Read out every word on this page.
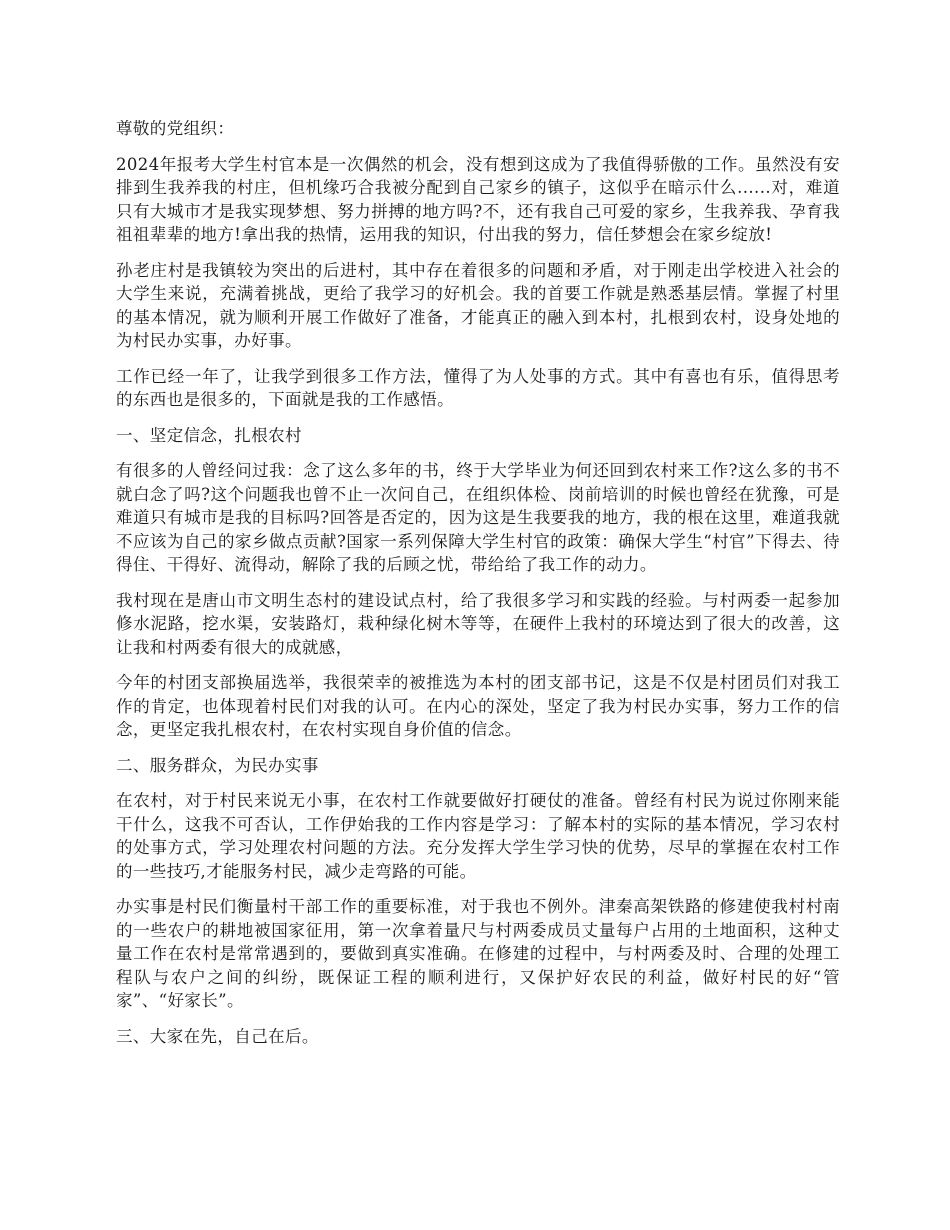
尊敬的党组织：

2024年报考大学生村官本是一次偶然的机会，没有想到这成为了我值得骄傲的工作。虽然没有安排到生我养我的村庄，但机缘巧合我被分配到自己家乡的镇子，这似乎在暗示什么......对，难道只有大城市才是我实现梦想、努力拼搏的地方吗?不，还有我自己可爱的家乡，生我养我、孕育我祖祖辈辈的地方!拿出我的热情，运用我的知识，付出我的努力，信任梦想会在家乡绽放!

孙老庄村是我镇较为突出的后进村，其中存在着很多的问题和矛盾，对于刚走出学校进入社会的大学生来说，充满着挑战，更给了我学习的好机会。我的首要工作就是熟悉基层情。掌握了村里的基本情况，就为顺利开展工作做好了准备，才能真正的融入到本村，扎根到农村，设身处地的为村民办实事，办好事。

工作已经一年了，让我学到很多工作方法，懂得了为人处事的方式。其中有喜也有乐，值得思考的东西也是很多的，下面就是我的工作感悟。

一、坚定信念，扎根农村

有很多的人曾经问过我：念了这么多年的书，终于大学毕业为何还回到农村来工作?这么多的书不就白念了吗?这个问题我也曾不止一次问自己，在组织体检、岗前培训的时候也曾经在犹豫，可是难道只有城市是我的目标吗?回答是否定的，因为这是生我要我的地方，我的根在这里，难道我就不应该为自己的家乡做点贡献?国家一系列保障大学生村官的政策：确保大学生“村官”下得去、待得住、干得好、流得动，解除了我的后顾之忧，带给给了我工作的动力。

我村现在是唐山市文明生态村的建设试点村，给了我很多学习和实践的经验。与村两委一起参加修水泥路，挖水渠，安装路灯，栽种绿化树木等等，在硬件上我村的环境达到了很大的改善，这让我和村两委有很大的成就感，

今年的村团支部换届选举，我很荣幸的被推选为本村的团支部书记，这是不仅是村团员们对我工作的肯定，也体现着村民们对我的认可。在内心的深处，坚定了我为村民办实事，努力工作的信念，更坚定我扎根农村，在农村实现自身价值的信念。

二、服务群众，为民办实事

在农村，对于村民来说无小事，在农村工作就要做好打硬仗的准备。曾经有村民为说过你刚来能干什么，这我不可否认，工作伊始我的工作内容是学习：了解本村的实际的基本情况，学习农村的处事方式，学习处理农村问题的方法。充分发挥大学生学习快的优势，尽早的掌握在农村工作的一些技巧,才能服务村民，减少走弯路的可能。

办实事是村民们衡量村干部工作的重要标准，对于我也不例外。津秦高架铁路的修建使我村村南的一些农户的耕地被国家征用，第一次拿着量尺与村两委成员丈量每户占用的土地面积，这种丈量工作在农村是常常遇到的，要做到真实准确。在修建的过程中，与村两委及时、合理的处理工程队与农户之间的纠纷，既保证工程的顺利进行，又保护好农民的利益，做好村民的好“管家”、“好家长”。

三、大家在先，自己在后。
